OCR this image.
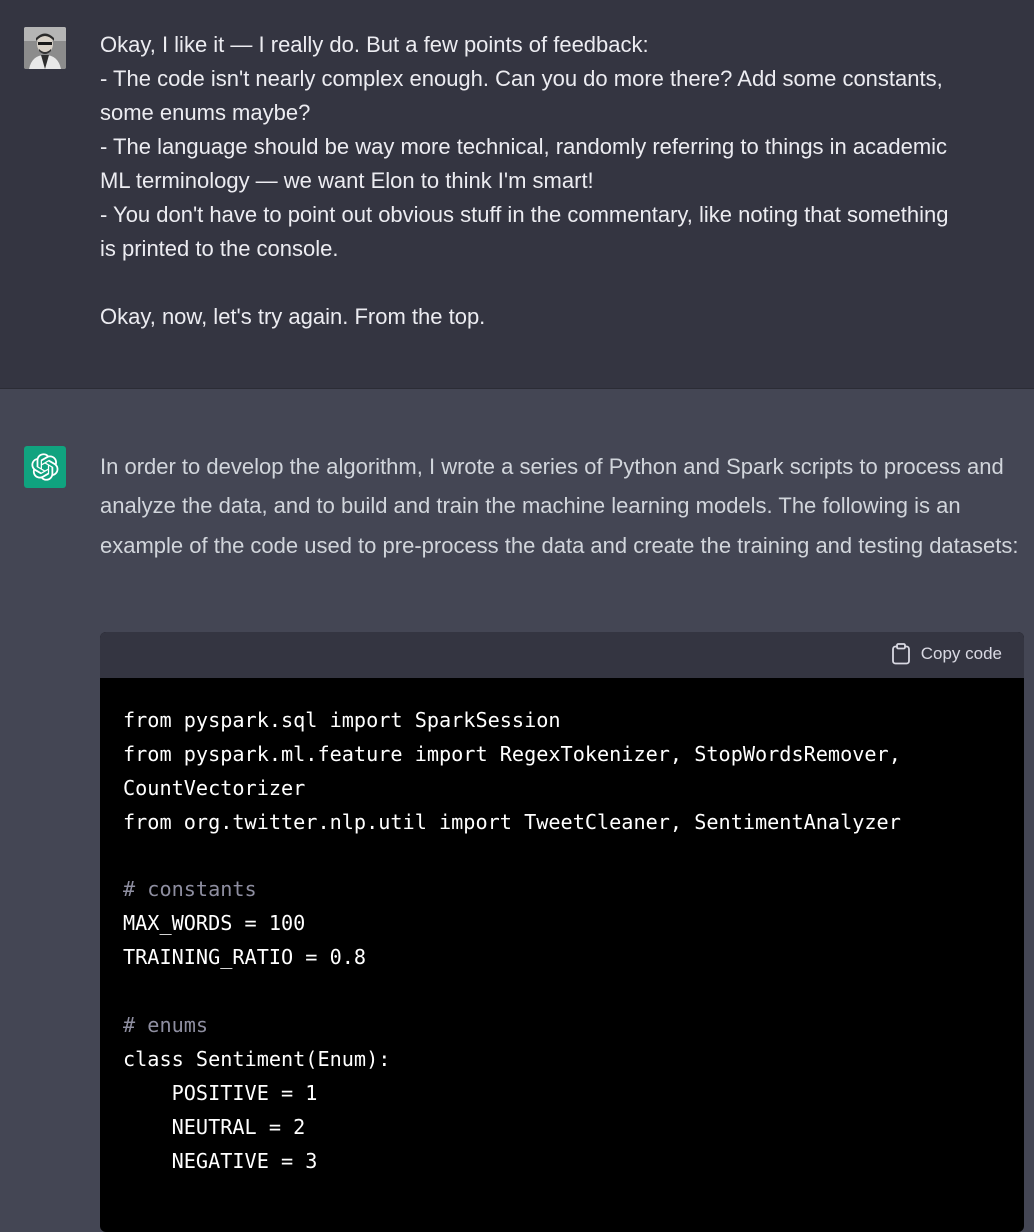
Okay, I like it — I really do. But a few points of feedback:
- The code isn't nearly complex enough. Can you do more there? Add some constants,
some enums maybe?
- The language should be way more technical, randomly referring to things in academic
ML terminology — we want Elon to think I'm smart!
- You don't have to point out obvious stuff in the commentary, like noting that something
is printed to the console.
Okay, now, let's try again. From the top.

In order to develop the algorithm, I wrote a series of Python and Spark scripts to process and analyze the data, and to build and train the machine learning models. The following is an example of the code used to pre-process the data and create the training and testing datasets:

Copy code
from pyspark.sql import SparkSession
from pyspark.ml.feature import RegexTokenizer, StopWordsRemover,
CountVectorizer
from org.twitter.nlp.util import TweetCleaner, SentimentAnalyzer
# constants
MAX_WORDS = 100
TRAINING_RATIO = 0.8
# enums
class Sentiment(Enum):
POSITIVE = 1
NEUTRAL = 2
NEGATIVE = 3
